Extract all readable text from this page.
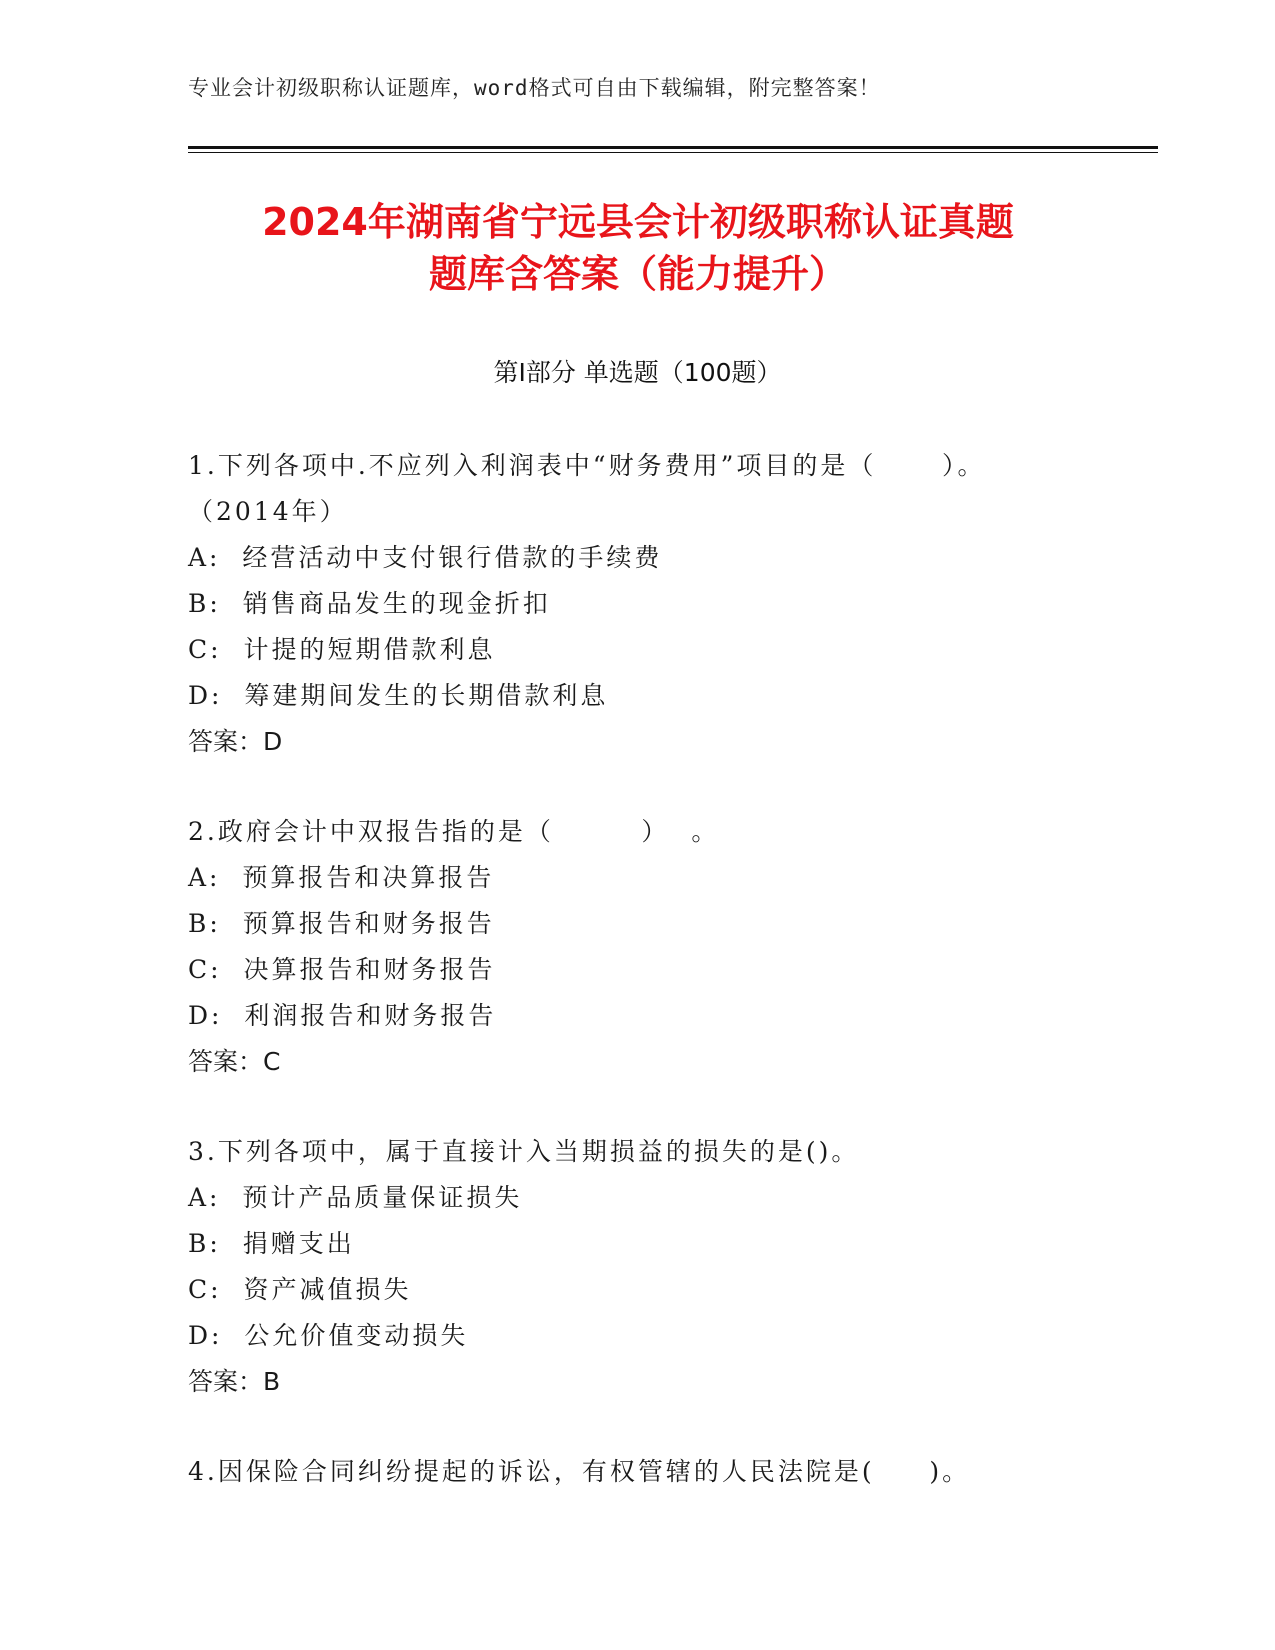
专业会计初级职称认证题库，word格式可自由下载编辑，附完整答案！
2024年湖南省宁远县会计初级职称认证真题
题库含答案（能力提升）
第Ⅰ部分 单选题（100题）
1.下列各项中.不应列入利润表中“财务费用”项目的是（      ）。
（2014年）
A:  经营活动中支付银行借款的手续费
B:  销售商品发生的现金折扣
C:  计提的短期借款利息
D:  筹建期间发生的长期借款利息
答案：D
2.政府会计中双报告指的是（        ）  。
A:  预算报告和决算报告
B:  预算报告和财务报告
C:  决算报告和财务报告
D:  利润报告和财务报告
答案：C
3.下列各项中，属于直接计入当期损益的损失的是()。
A:  预计产品质量保证损失
B:  捐赠支出
C:  资产减值损失
D:  公允价值变动损失
答案：B
4.因保险合同纠纷提起的诉讼，有权管辖的人民法院是(     )。
